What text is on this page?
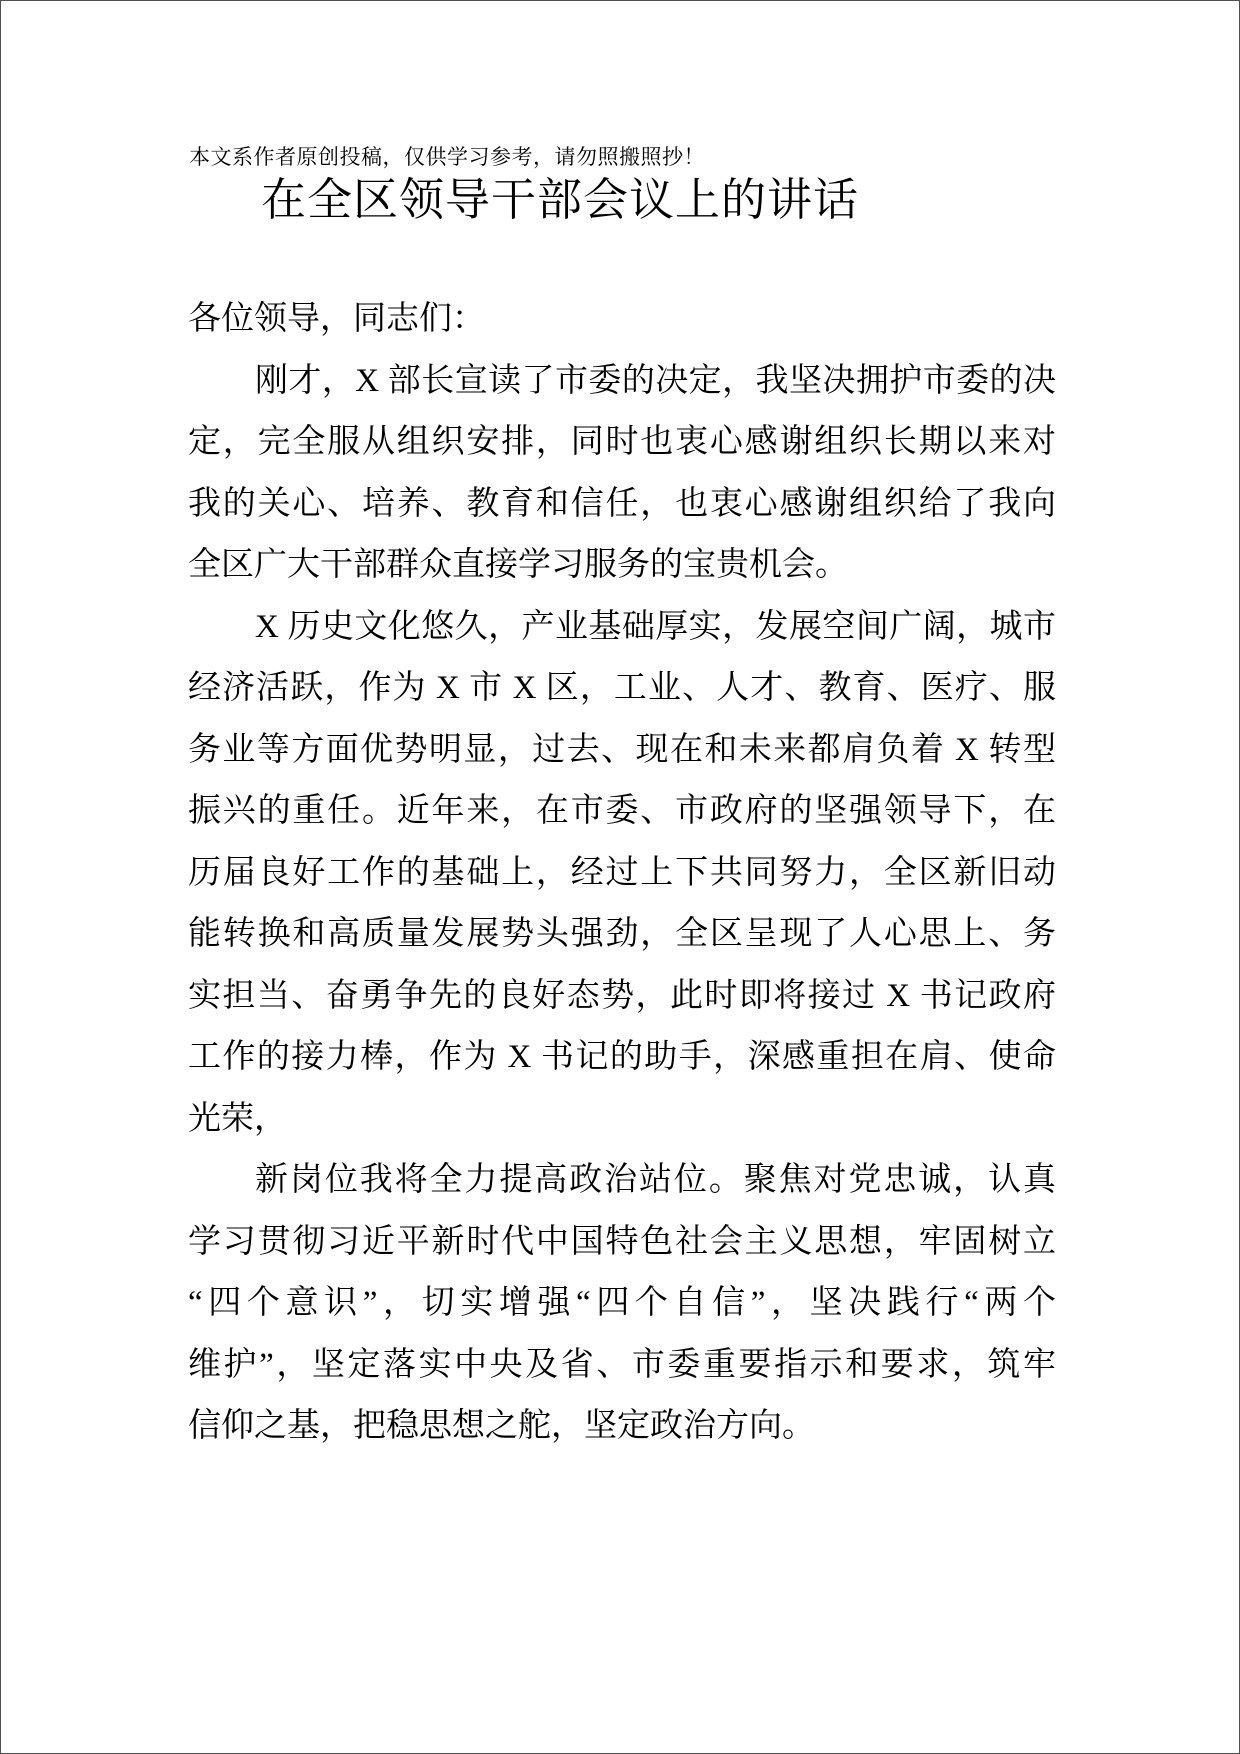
本文系作者原创投稿，仅供学习参考，请勿照搬照抄！
在全区领导干部会议上的讲话
各位领导，同志们：
刚才，X 部长宣读了市委的决定，我坚决拥护市委的决
定，完全服从组织安排，同时也衷心感谢组织长期以来对
我的关心、培养、教育和信任，也衷心感谢组织给了我向
全区广大干部群众直接学习服务的宝贵机会。
X 历史文化悠久，产业基础厚实，发展空间广阔，城市
经济活跃，作为 X 市 X 区，工业、人才、教育、医疗、服
务业等方面优势明显，过去、现在和未来都肩负着 X 转型
振兴的重任。近年来，在市委、市政府的坚强领导下，在
历届良好工作的基础上，经过上下共同努力，全区新旧动
能转换和高质量发展势头强劲，全区呈现了人心思上、务
实担当、奋勇争先的良好态势，此时即将接过 X 书记政府
工作的接力棒，作为 X 书记的助手，深感重担在肩、使命
光荣，
新岗位我将全力提高政治站位。聚焦对党忠诚，认真
学习贯彻习近平新时代中国特色社会主义思想，牢固树立
“四个意识”，切实增强“四个自信”，坚决践行“两个
维护”，坚定落实中央及省、市委重要指示和要求，筑牢
信仰之基，把稳思想之舵，坚定政治方向。
